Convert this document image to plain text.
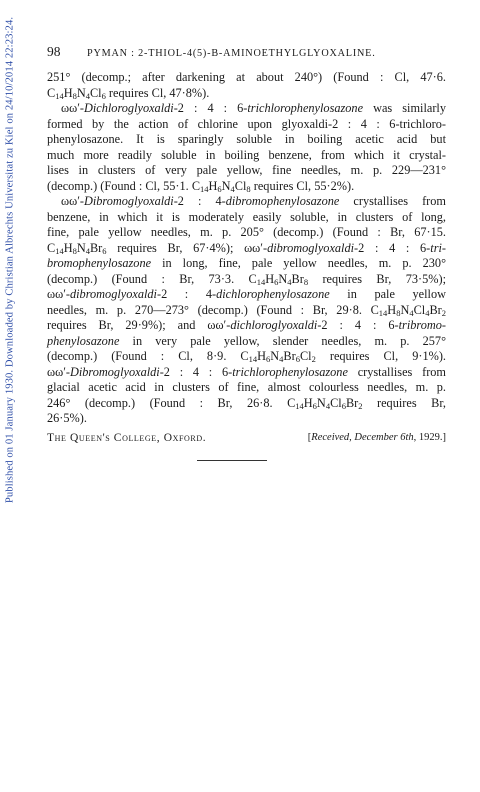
Published on 01 January 1930. Downloaded by Christian Albrechts Universitat zu Kiel on 24/10/2014 22:23:24. 98	PYMAN : 2-THIOL-4(5)-Β-AMINOETHYLGLYOXALINE.
251° (decomp.; after darkening at about 240°) (Found : Cl, 47·6.
$C_{14}H_8N_4Cl_6$ requires Cl, 47·8%).
ωω′-Dichloroglyoxaldi-2 : 4 : 6-trichlorophenylosazone was similarly
formed by the action of chlorine upon glyoxaldi-2 : 4 : 6-trichloro-
phenylosazone. It is sparingly soluble in boiling acetic acid but
much more readily soluble in boiling benzene, from which it crystal-
lises in clusters of very pale yellow, fine needles, m. p. 229—231°
(decomp.) (Found : Cl, 55·1. $C_{14}H_6N_4Cl_8$ requires Cl, 55·2%).
ωω′-Dibromoglyoxaldi-2 : 4-dibromophenylosazone crystallises from
benzene, in which it is moderately easily soluble, in clusters of long,
fine, pale yellow needles, m. p. 205° (decomp.) (Found : Br, 67·15.
$C_{14}H_8N_4Br_6$ requires Br, 67·4%); ωω′-dibromoglyoxaldi-2 : 4 : 6-tri-
bromophenylosazone in long, fine, pale yellow needles, m. p. 230°
(decomp.) (Found : Br, 73·3. $C_{14}H_6N_4Br_8$ requires Br, 73·5%);
ωω′-dibromoglyoxaldi-2 : 4-dichlorophenylosazone in pale yellow
needles, m. p. 270—273° (decomp.) (Found : Br, 29·8. $C_{14}H_8N_4Cl_4Br_2$
requires Br, 29·9%); and ωω′-dichloroglyoxaldi-2 : 4 : 6-tribromo-
phenylosazone in very pale yellow, slender needles, m. p. 257°
(decomp.) (Found : Cl, 8·9. $C_{14}H_6N_4Br_6Cl_2$ requires Cl, 9·1%).
ωω′-Dibromoglyoxaldi-2 : 4 : 6-trichlorophenylosazone crystallises from
glacial acetic acid in clusters of fine, almost colourless needles, m. p.
246° (decomp.) (Found : Br, 26·8. $C_{14}H_6N_4Cl_6Br_2$ requires Br,
26·5%).
The Queen's College, Oxford.	[Received, December 6th, 1929.]
